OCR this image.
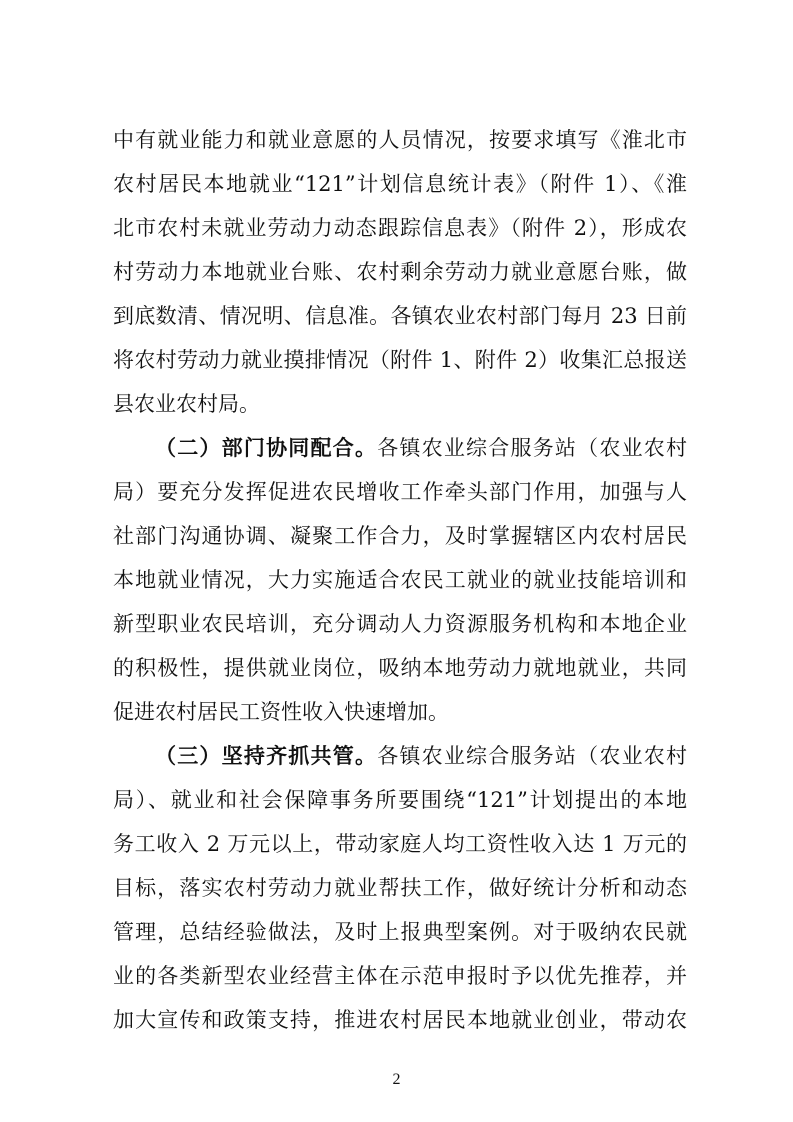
中有就业能力和就业意愿的人员情况，按要求填写《淮北市
农村居民本地就业“121”计划信息统计表》（附件 1）、《淮
北市农村未就业劳动力动态跟踪信息表》（附件 2），形成农
村劳动力本地就业台账、农村剩余劳动力就业意愿台账，做
到底数清、情况明、信息准。各镇农业农村部门每月 23 日前
将农村劳动力就业摸排情况（附件 1、附件 2）收集汇总报送
县农业农村局。
（二）部门协同配合。各镇农业综合服务站（农业农村
局）要充分发挥促进农民增收工作牵头部门作用，加强与人
社部门沟通协调、凝聚工作合力，及时掌握辖区内农村居民
本地就业情况，大力实施适合农民工就业的就业技能培训和
新型职业农民培训，充分调动人力资源服务机构和本地企业
的积极性，提供就业岗位，吸纳本地劳动力就地就业，共同
促进农村居民工资性收入快速增加。
（三）坚持齐抓共管。各镇农业综合服务站（农业农村
局）、就业和社会保障事务所要围绕“121”计划提出的本地
务工收入 2 万元以上，带动家庭人均工资性收入达 1 万元的
目标，落实农村劳动力就业帮扶工作，做好统计分析和动态
管理，总结经验做法，及时上报典型案例。对于吸纳农民就
业的各类新型农业经营主体在示范申报时予以优先推荐，并
加大宣传和政策支持，推进农村居民本地就业创业，带动农
2
